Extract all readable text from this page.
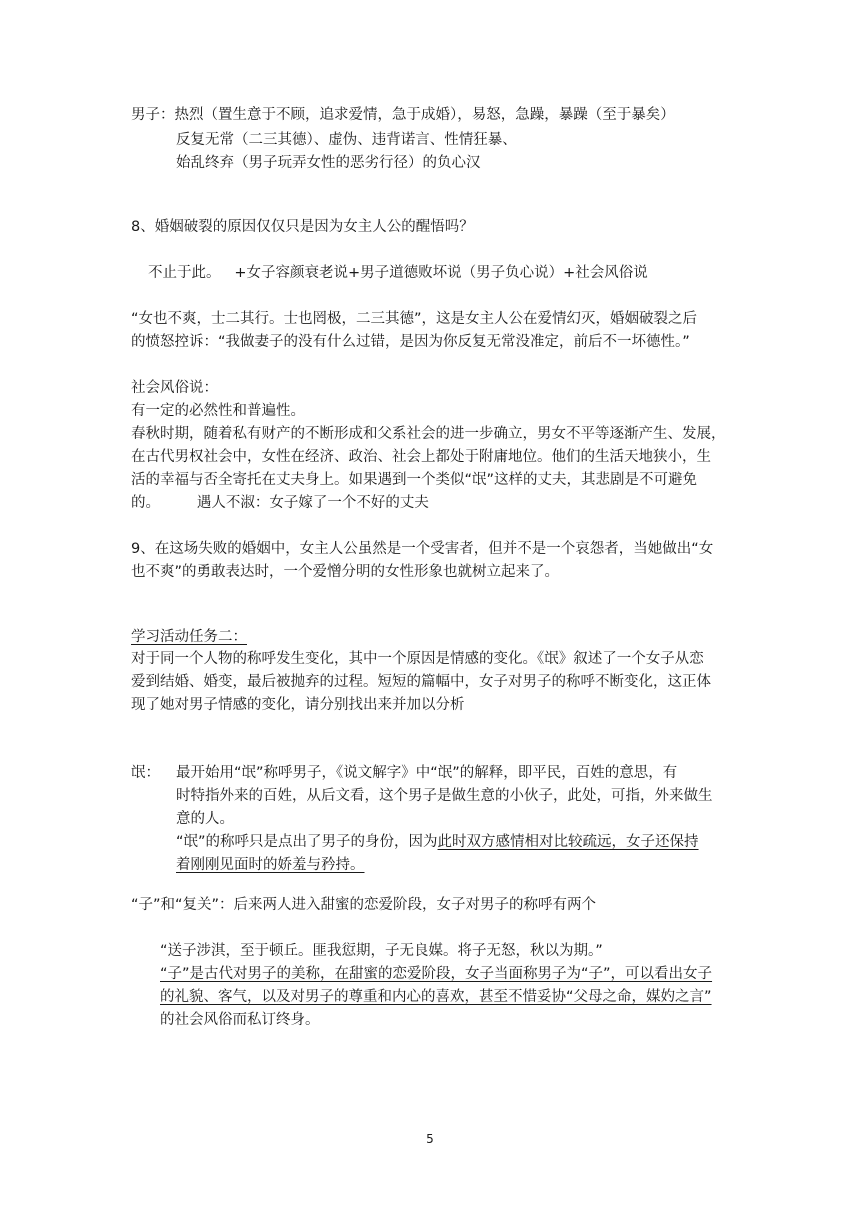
男子：热烈（置生意于不顾，追求爱情，急于成婚），易怒，急躁，暴躁（至于暴矣）
反复无常（二三其德）、虚伪、违背诺言、性情狂暴、
始乱终弃（男子玩弄女性的恶劣行径）的负心汉
8、婚姻破裂的原因仅仅只是因为女主人公的醒悟吗？
不止于此。   +女子容颜衰老说+男子道德败坏说（男子负心说）+社会风俗说
“女也不爽，士二其行。士也罔极，二三其德”，这是女主人公在爱情幻灭，婚姻破裂之后
的愤怒控诉：“我做妻子的没有什么过错，是因为你反复无常没准定，前后不一坏德性。”
社会风俗说：
有一定的必然性和普遍性。
春秋时期，随着私有财产的不断形成和父系社会的进一步确立，男女不平等逐渐产生、发展，
在古代男权社会中，女性在经济、政治、社会上都处于附庸地位。他们的生活天地狭小，生
活的幸福与否全寄托在丈夫身上。如果遇到一个类似“氓”这样的丈夫，其悲剧是不可避免
的。        遇人不淑：女子嫁了一个不好的丈夫
9、在这场失败的婚姻中，女主人公虽然是一个受害者，但并不是一个哀怨者，当她做出“女
也不爽”的勇敢表达时，一个爱憎分明的女性形象也就树立起来了。
学习活动任务二：
对于同一个人物的称呼发生变化，其中一个原因是情感的变化。《氓》叙述了一个女子从恋
爱到结婚、婚变，最后被抛弃的过程。短短的篇幅中，女子对男子的称呼不断变化，这正体
现了她对男子情感的变化，请分别找出来并加以分析
氓： 最开始用“氓”称呼男子，《说文解字》中“氓”的解释，即平民，百姓的意思，有
时特指外来的百姓，从后文看，这个男子是做生意的小伙子，此处，可指，外来做生
意的人。
“氓”的称呼只是点出了男子的身份，因为此时双方感情相对比较疏远，女子还保持
着刚刚见面时的娇羞与矜持。
“子”和“复关”：后来两人进入甜蜜的恋爱阶段，女子对男子的称呼有两个
“送子涉淇，至于顿丘。匪我愆期，子无良媒。将子无怒，秋以为期。”
“子”是古代对男子的美称，在甜蜜的恋爱阶段，女子当面称男子为“子”，可以看出女子
的礼貌、客气，以及对男子的尊重和内心的喜欢，甚至不惜妥协“父母之命，媒妁之言”
的社会风俗而私订终身。
5
